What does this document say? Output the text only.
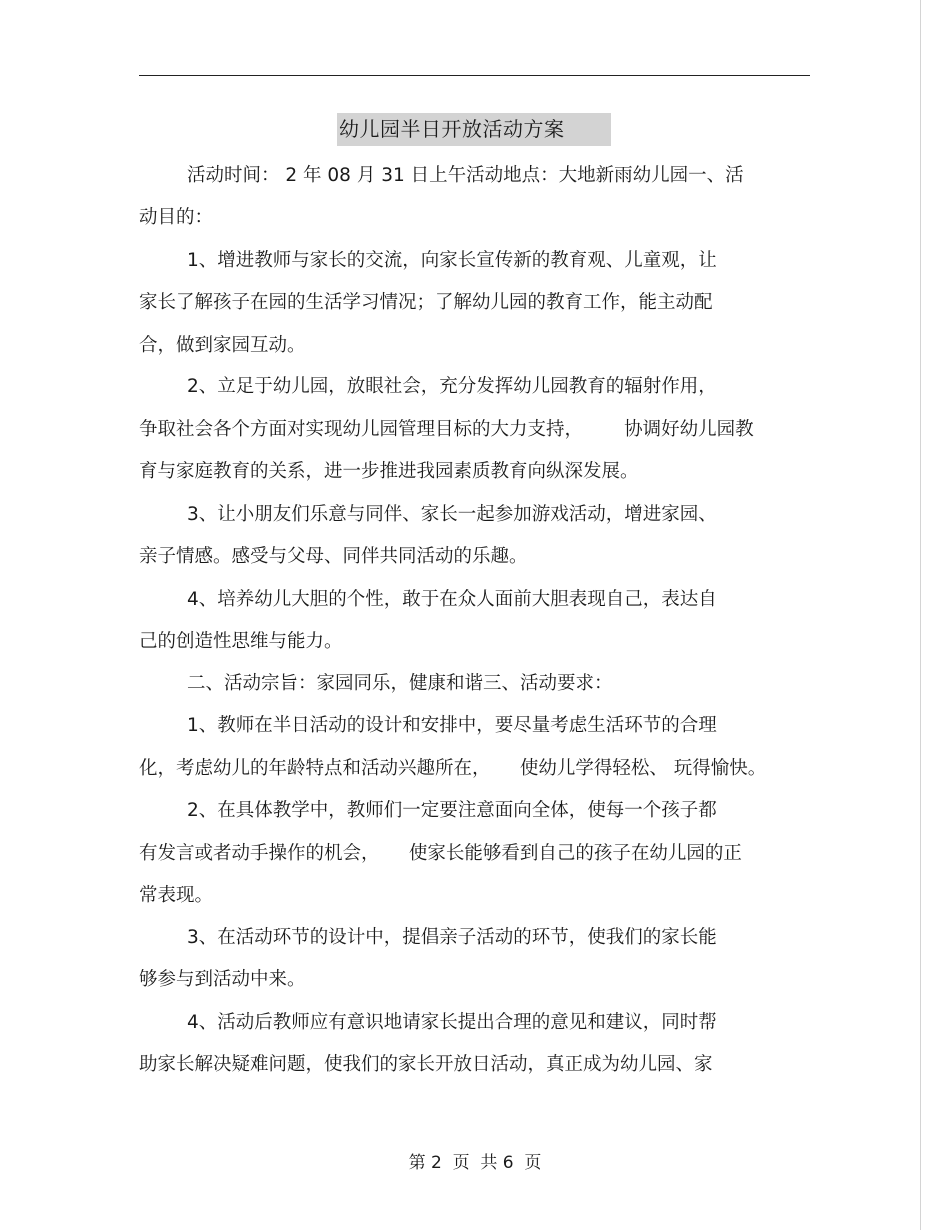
幼儿园半日开放活动方案
活动时间： 2 年 08 月 31 日上午活动地点：大地新雨幼儿园一、活
动目的：
1、增进教师与家长的交流，向家长宣传新的教育观、儿童观，让
家长了解孩子在园的生活学习情况；了解幼儿园的教育工作，能主动配
合，做到家园互动。
2、立足于幼儿园，放眼社会，充分发挥幼儿园教育的辐射作用，
争取社会各个方面对实现幼儿园管理目标的大力支持，       协调好幼儿园教
育与家庭教育的关系，进一步推进我园素质教育向纵深发展。
3、让小朋友们乐意与同伴、家长一起参加游戏活动，增进家园、
亲子情感。感受与父母、同伴共同活动的乐趣。
4、培养幼儿大胆的个性，敢于在众人面前大胆表现自己，表达自
己的创造性思维与能力。
二、活动宗旨：家园同乐，健康和谐三、活动要求：
1、教师在半日活动的设计和安排中，要尽量考虑生活环节的合理
化，考虑幼儿的年龄特点和活动兴趣所在，     使幼儿学得轻松、 玩得愉快。
2、在具体教学中，教师们一定要注意面向全体，使每一个孩子都
有发言或者动手操作的机会，     使家长能够看到自己的孩子在幼儿园的正
常表现。
3、在活动环节的设计中，提倡亲子活动的环节，使我们的家长能
够参与到活动中来。
4、活动后教师应有意识地请家长提出合理的意见和建议，同时帮
助家长解决疑难问题，使我们的家长开放日活动，真正成为幼儿园、家
第 2  页  共 6  页
